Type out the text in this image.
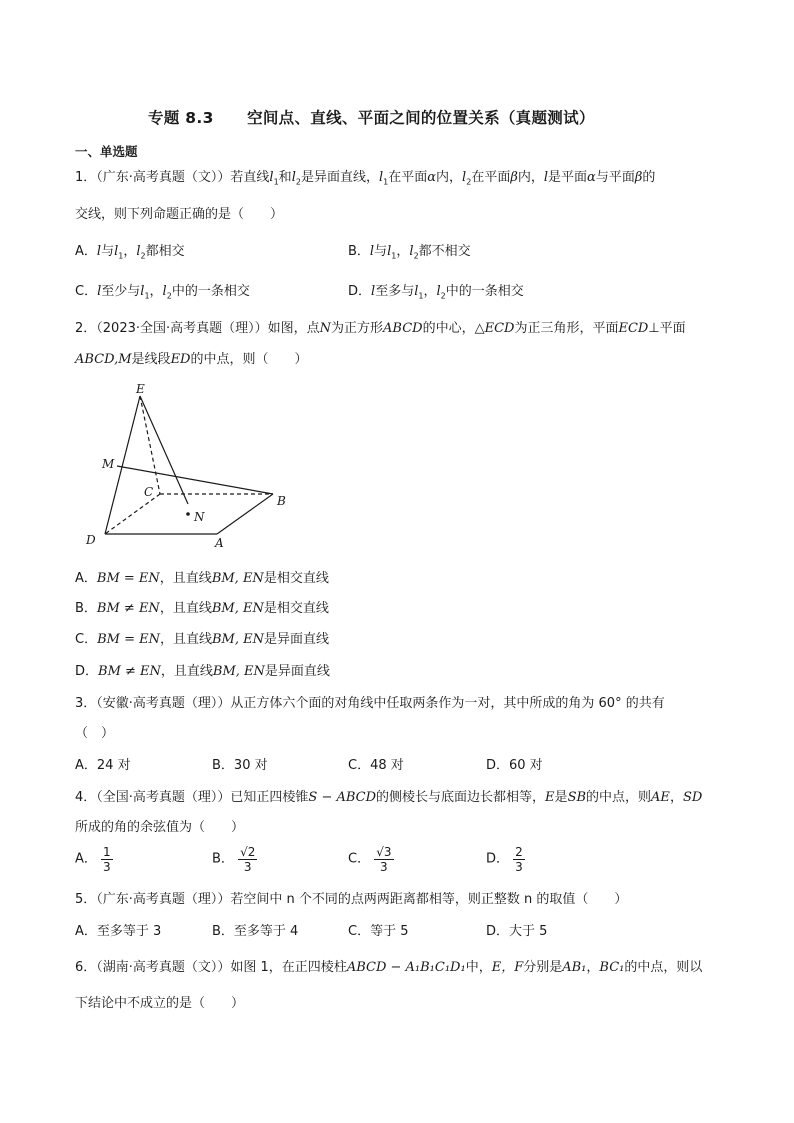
专题 8.3 空间点、直线、平面之间的位置关系（真题测试）
一、单选题
1．（广东·高考真题（文））若直线$l_1$和$l_2$是异面直线，$l_1$在平面α内，$l_2$在平面β内，l是平面α与平面β的
交线，则下列命题正确的是（　　）
A．l与$l_1$，$l_2$都相交	B．l与$l_1$，$l_2$都不相交
C．l至少与$l_1$，$l_2$中的一条相交	D．l至多与$l_1$，$l_2$中的一条相交
2．（2023·全国·高考真题（理））如图，点N为正方形ABCD的中心，△ECD为正三角形，平面ECD⊥平面
ABCD,M是线段ED的中点，则（　　）
E
M
C
B
N
D	A
A．BM = EN，且直线BM, EN是相交直线
B．BM ≠ EN，且直线BM, EN是相交直线
C．BM = EN，且直线BM, EN是异面直线
D．BM ≠ EN，且直线BM, EN是异面直线
3．（安徽·高考真题（理））从正方体六个面的对角线中任取两条作为一对，其中所成的角为 60° 的共有
（　）
A．24 对	B．30 对	C．48 对	D．60 对
4．（全国·高考真题（理））已知正四棱锥S − ABCD的侧棱长与底面边长都相等，E是SB的中点，则AE，SD
所成的角的余弦值为（　　）
A． $\frac{1}{3}$	B． $\frac{√2}{3}$	C． $\frac{√3}{3}$	D． $\frac{2}{3}$
5．（广东·高考真题（理））若空间中 n 个不同的点两两距离都相等，则正整数 n 的取值（　　）
A．至多等于 3	B．至多等于 4	C．等于 5	D．大于 5
6．（湖南·高考真题（文））如图 1，在正四棱柱ABCD − A₁B₁C₁D₁中，E，F分别是AB₁，BC₁的中点，则以
下结论中不成立的是（　　）
